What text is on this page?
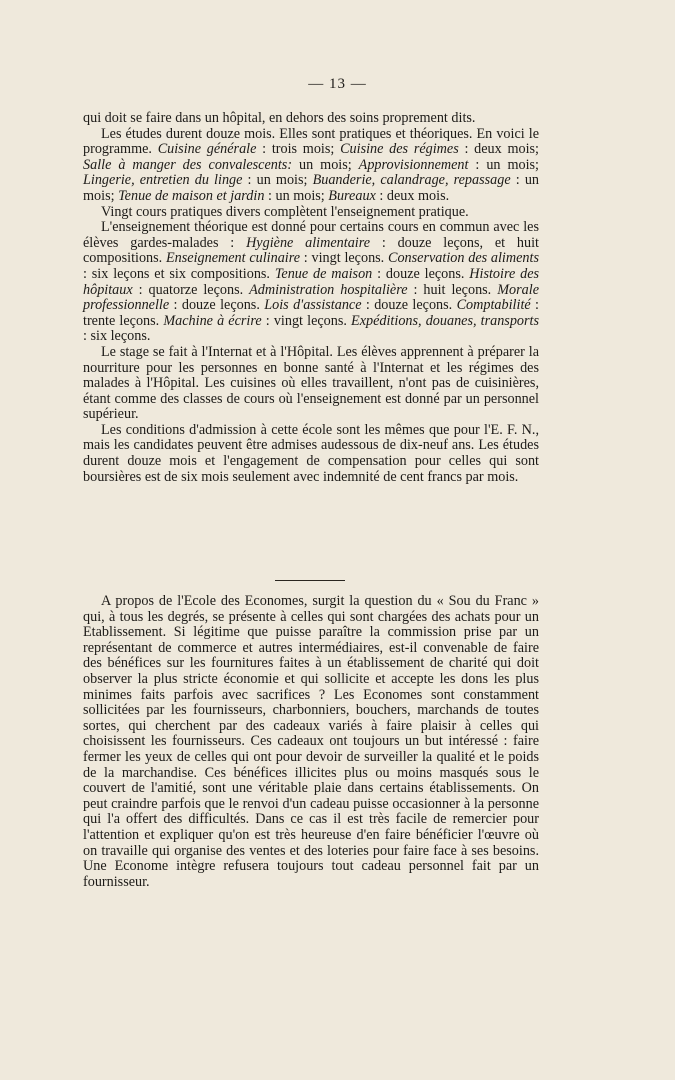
— 13 —

qui doit se faire dans un hôpital, en dehors des soins proprement dits.

Les études durent douze mois. Elles sont pratiques et théoriques. En voici le programme. Cuisine générale : trois mois; Cuisine des régimes : deux mois; Salle à manger des convalescents: un mois; Approvisionnement : un mois; Lingerie, entretien du linge : un mois; Buanderie, calandrage, repassage : un mois; Tenue de maison et jardin : un mois; Bureaux : deux mois.

Vingt cours pratiques divers complètent l'enseignement pratique.

L'enseignement théorique est donné pour certains cours en commun avec les élèves gardes-malades : Hygiène alimentaire : douze leçons, et huit compositions. Enseignement culinaire : vingt leçons. Conservation des aliments : six leçons et six compositions. Tenue de maison : douze leçons. Histoire des hôpitaux : quatorze leçons. Administration hospitalière : huit leçons. Morale professionnelle : douze leçons. Lois d'assistance : douze leçons. Comptabilité : trente leçons. Machine à écrire : vingt leçons. Expéditions, douanes, transports : six leçons.

Le stage se fait à l'Internat et à l'Hôpital. Les élèves apprennent à préparer la nourriture pour les personnes en bonne santé à l'Internat et les régimes des malades à l'Hôpital. Les cuisines où elles travaillent, n'ont pas de cuisinières, étant comme des classes de cours où l'enseignement est donné par un personnel supérieur.

Les conditions d'admission à cette école sont les mêmes que pour l'E. F. N., mais les candidates peuvent être admises audessous de dix-neuf ans. Les études durent douze mois et l'engagement de compensation pour celles qui sont boursières est de six mois seulement avec indemnité de cent francs par mois.

A propos de l'Ecole des Economes, surgit la question du « Sou du Franc » qui, à tous les degrés, se présente à celles qui sont chargées des achats pour un Etablissement. Si légitime que puisse paraître la commission prise par un représentant de commerce et autres intermédiaires, est-il convenable de faire des bénéfices sur les fournitures faites à un établissement de charité qui doit observer la plus stricte économie et qui sollicite et accepte les dons les plus minimes faits parfois avec sacrifices ? Les Economes sont constamment sollicitées par les fournisseurs, charbonniers, bouchers, marchands de toutes sortes, qui cherchent par des cadeaux variés à faire plaisir à celles qui choisissent les fournisseurs. Ces cadeaux ont toujours un but intéressé : faire fermer les yeux de celles qui ont pour devoir de surveiller la qualité et le poids de la marchandise. Ces bénéfices illicites plus ou moins masqués sous le couvert de l'amitié, sont une véritable plaie dans certains établissements. On peut craindre parfois que le renvoi d'un cadeau puisse occasionner à la personne qui l'a offert des difficultés. Dans ce cas il est très facile de remercier pour l'attention et expliquer qu'on est très heureuse d'en faire bénéficier l'œuvre où on travaille qui organise des ventes et des loteries pour faire face à ses besoins. Une Econome intègre refusera toujours tout cadeau personnel fait par un fournisseur.
